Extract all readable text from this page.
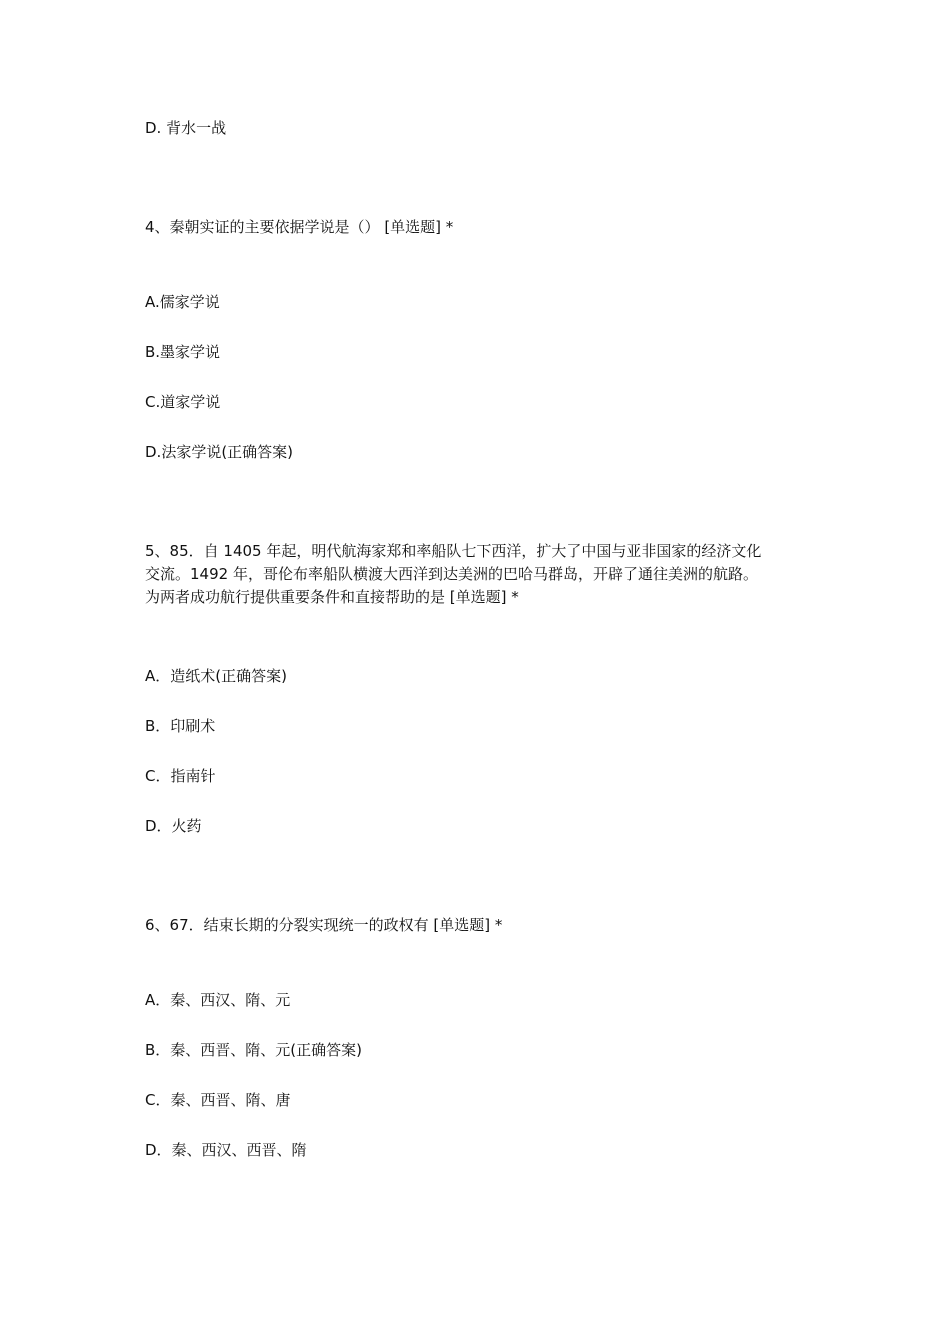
D. 背水一战
4、秦朝实证的主要依据学说是（） [单选题] *
A.儒家学说
B.墨家学说
C.道家学说
D.法家学说(正确答案)
5、85．自 1405 年起，明代航海家郑和率船队七下西洋，扩大了中国与亚非国家的经济文化
交流。1492 年，哥伦布率船队横渡大西洋到达美洲的巴哈马群岛，开辟了通往美洲的航路。
为两者成功航行提供重要条件和直接帮助的是 [单选题] *
A．造纸术(正确答案)
B．印刷术
C．指南针
D．火药
6、67．结束长期的分裂实现统一的政权有 [单选题] *
A．秦、西汉、隋、元
B．秦、西晋、隋、元(正确答案)
C．秦、西晋、隋、唐
D．秦、西汉、西晋、隋
